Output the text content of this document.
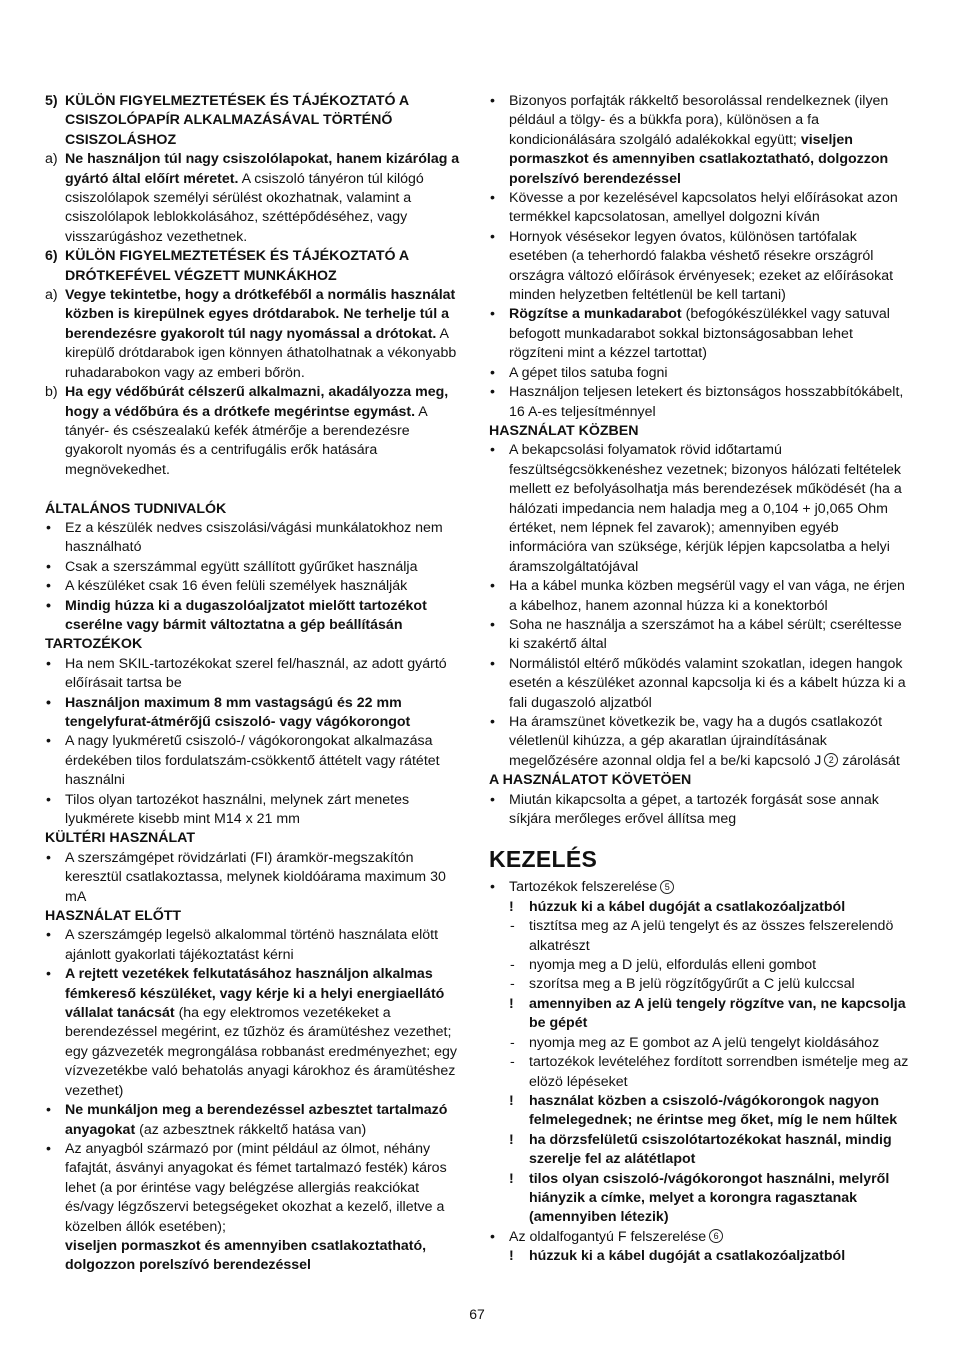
5) KÜLÖN FIGYELMEZTETÉSEK ÉS TÁJÉKOZTATÓ A CSISZOLÓPAPÍR ALKALMAZÁSÁVAL TÖRTÉNŐ CSISZOLÁSHOZ
a) Ne használjon túl nagy csiszolólapokat, hanem kizárólag a gyártó által előírt méretet. A csiszoló tányéron túl kilógó csiszolólapok személyi sérülést okozhatnak, valamint a csiszolólapok leblokkolásához, széttépődéséhez, vagy visszarúgáshoz vezethetnek.
6) KÜLÖN FIGYELMEZTETÉSEK ÉS TÁJÉKOZTATÓ A DRÓTKEFÉVEL VÉGZETT MUNKÁKHOZ
a) Vegye tekintetbe, hogy a drótkeféből a normális használat közben is kirepülnek egyes drótdarabok. Ne terhelje túl a berendezésre gyakorolt túl nagy nyomással a drótokat. A kirepülő drótdarabok igen könnyen áthatolhatnak a vékonyabb ruhadarabokon vagy az emberi bőrön.
b) Ha egy védőbúrát célszerű alkalmazni, akadályozza meg, hogy a védőbúra és a drótkefe megérintse egymást. A tányér- és csészealakú kefék átmérője a berendezésre gyakorolt nyomás és a centrifugális erők hatására megnövekedhet.
ÁLTALÁNOS TUDNIVALÓK
• Ez a készülék nedves csiszolási/vágási munkálatokhoz nem használható
• Csak a szerszámmal együtt szállított gyűrűket használja
• A készüléket csak 16 éven felüli személyek használják
• Mindig húzza ki a dugaszolóaljzatot mielőtt tartozékot cserélne vagy bármit változtatna a gép beállításán
TARTOZÉKOK
• Ha nem SKIL-tartozékokat szerel fel/használ, az adott gyártó előírásait tartsa be
• Használjon maximum 8 mm vastagságú és 22 mm tengelyfurat-átmérőjű csiszoló- vagy vágókorongot
• A nagy lyukméretű csiszoló-/ vágókorongokat alkalmazása érdekében tilos fordulatszám-csökkentő áttételt vagy rátétet használni
• Tilos olyan tartozékot használni, melynek zárt menetes lyukmérete kisebb mint M14 x 21 mm
KÜLTÉRI HASZNÁLAT
• A szerszámgépet rövidzárlati (FI) áramkör-megszakítón keresztül csatlakoztassa, melynek kioldóárama maximum 30 mA
HASZNÁLAT ELŐTT
• A szerszámgép legelsö alkalommal történö használata elött ajánlott gyakorlati tájékoztatást kérni
• A rejtett vezetékek felkutatásához használjon alkalmas fémkereső készüléket, vagy kérje ki a helyi energiaellátó vállalat tanácsát (ha egy elektromos vezetékeket a berendezéssel megérint, ez tűzhöz és áramütéshez vezethet; egy gázvezeték megrongálása robbanást eredményezhet; egy vízvezetékbe való behatolás anyagi károkhoz és áramütéshez vezethet)
• Ne munkáljon meg a berendezéssel azbesztet tartalmazó anyagokat (az azbesztnek rákkeltő hatása van)
• Az anyagból származó por (mint például az ólmot, néhány fafajtát, ásványi anyagokat és fémet tartalmazó festék) káros lehet (a por érintése vagy belégzése allergiás reakciókat és/vagy légzőszervi betegségeket okozhat a kezelő, illetve a közelben állók esetében);
viseljen pormaszkot és amennyiben csatlakoztatható, dolgozzon porelszívó berendezéssel
• Bizonyos porfajták rákkeltő besorolással rendelkeznek (ilyen például a tölgy- és a bükkfa pora), különösen a fa kondicionálására szolgáló adalékokkal együtt; viseljen pormaszkot és amennyiben csatlakoztatható, dolgozzon porelszívó berendezéssel
• Kövesse a por kezelésével kapcsolatos helyi előírásokat azon termékkel kapcsolatosan, amellyel dolgozni kíván
• Hornyok vésésekor legyen óvatos, különösen tartófalak esetében (a teherhordó falakba véshető résekre országról országra változó előírások érvényesek; ezeket az előírásokat minden helyzetben feltétlenül be kell tartani)
• Rögzítse a munkadarabot (befogókészülékkel vagy satuval befogott munkadarabot sokkal biztonságosabban lehet rögzíteni mint a kézzel tartottat)
• A gépet tilos satuba fogni
• Használjon teljesen letekert és biztonságos hosszabbítókábelt, 16 A-es teljesítménnyel
HASZNÁLAT KÖZBEN
• A bekapcsolási folyamatok rövid időtartamú feszültségcsökkenéshez vezetnek; bizonyos hálózati feltételek mellett ez befolyásolhatja más berendezések működését (ha a hálózati impedancia nem haladja meg a 0,104 + j0,065 Ohm értéket, nem lépnek fel zavarok); amennyiben egyéb információra van szüksége, kérjük lépjen kapcsolatba a helyi áramszolgáltatójával
• Ha a kábel munka közben megsérül vagy el van vága, ne érjen a kábelhoz, hanem azonnal húzza ki a konektorból
• Soha ne használja a szerszámot ha a kábel sérült; cseréltesse ki szakértő által
• Normálistól eltérő működés valamint szokatlan, idegen hangok esetén a készüléket azonnal kapcsolja ki és a kábelt húzza ki a fali dugaszoló aljzatból
• Ha áramszünet következik be, vagy ha a dugós csatlakozót véletlenül kihúzza, a gép akaratlan újraindításának megelőzésére azonnal oldja fel a be/ki kapcsoló J 2 zárolását
A HASZNÁLATOT KÖVETÖEN
• Miután kikapcsolta a gépet, a tartozék forgását sose annak síkjára merőleges erővel állítsa meg
KEZELÉS
• Tartozékok felszerelése 5
! húzzuk ki a kábel dugóját a csatlakozóaljzatból
- tisztítsa meg az A jelü tengelyt és az összes felszerelendö alkatrészt
- nyomja meg a D jelü, elfordulás elleni gombot
- szorítsa meg a B jelü rögzítőgyűrűt a C jelü kulccsal
! amennyiben az A jelü tengely rögzítve van, ne kapcsolja be gépét
- nyomja meg az E gombot az A jelü tengelyt kioldásához
- tartozékok levételéhez fordított sorrendben ismételje meg az elözö lépéseket
! használat közben a csiszoló-/vágókorongok nagyon felmelegednek; ne érintse meg őket, míg le nem hűltek
! ha dörzsfelületű csiszolótartozékokat használ, mindig szerelje fel az alátétlapot
! tilos olyan csiszoló-/vágókorongot használni, melyről hiányzik a címke, melyet a korongra ragasztanak (amennyiben létezik)
• Az oldalfogantyú F felszerelése 6
! húzzuk ki a kábel dugóját a csatlakozóaljzatból
67
